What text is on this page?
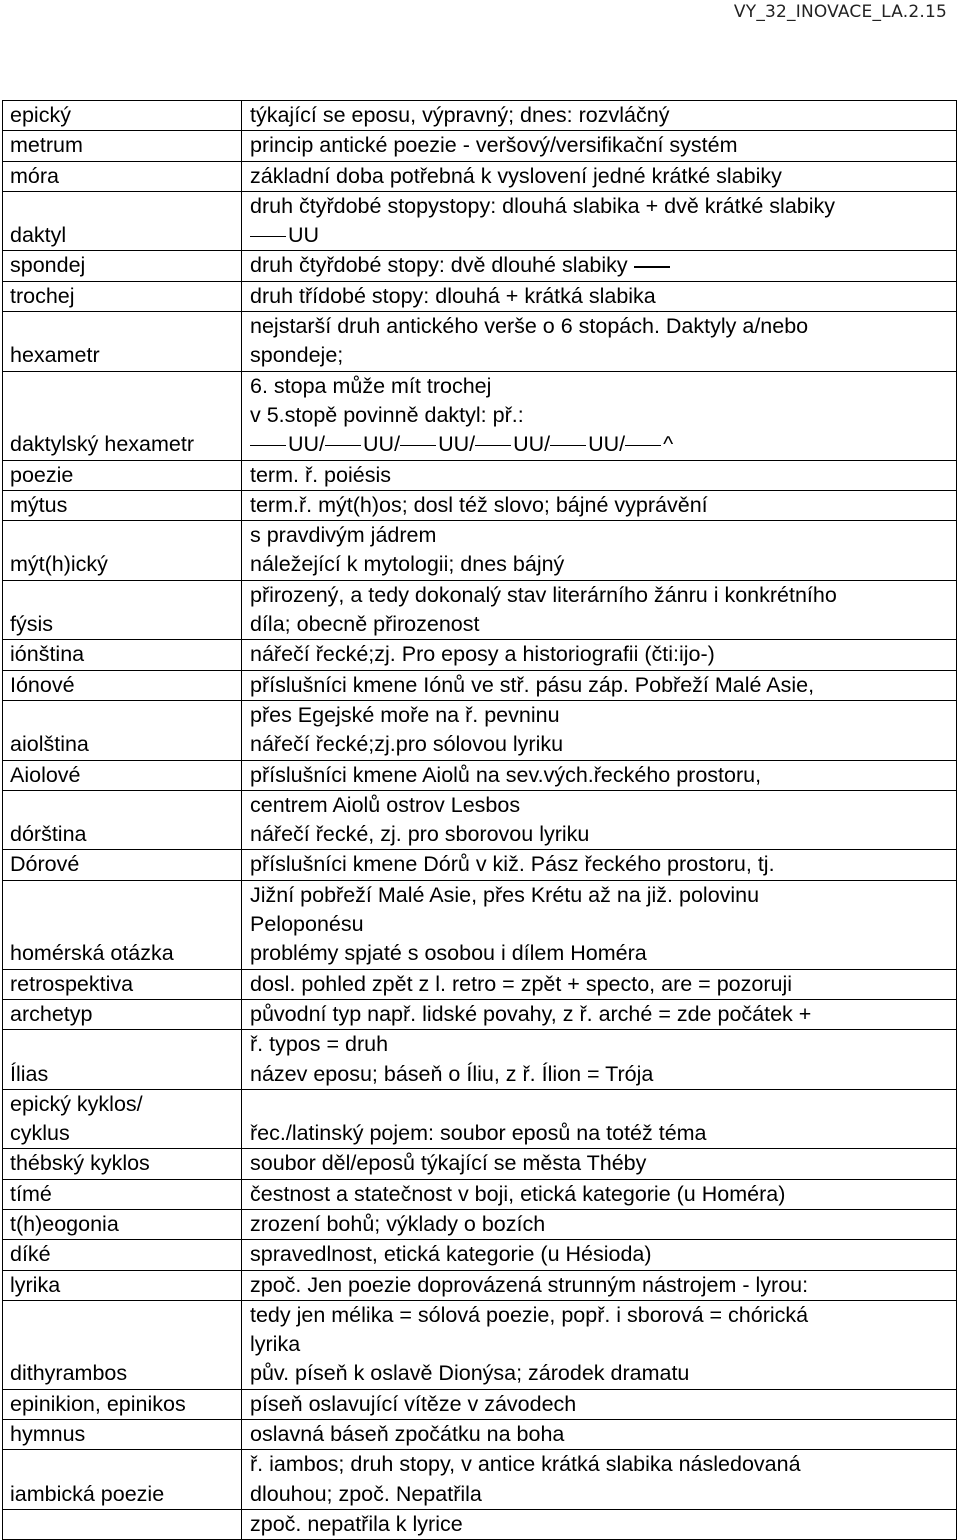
VY_32_INOVACE_LA.2.15
epický	týkající se eposu, výpravný; dnes: rozvláčný

metrum	princip antické poezie - veršový/versifikační systém

móra	základní doba potřebná k vyslovení jedné krátké slabiky

daktyl	druh čtyřdobé stopystopy: dlouhá slabika + dvě krátké slabiky
UU

spondej	druh čtyřdobé stopy: dvě dlouhé slabiky

trochej	druh třídobé stopy: dlouhá + krátká slabika

hexametr	nejstarší druh antického verše o 6 stopách. Daktyly a/nebo
spondeje;

daktylský hexametr	6. stopa může mít trochej
v 5.stopě povinně daktyl: př.:
UU/ UU/ UU/ UU/ UU/ ^

poezie	term. ř. poiésis

mýtus	term.ř. mýt(h)os; dosl též slovo; bájné vyprávění

mýt(h)ický	s pravdivým jádrem
náležející k mytologii; dnes bájný

fýsis	přirozený, a tedy dokonalý stav literárního žánru i konkrétního
díla; obecně přirozenost

iónština	nářečí řecké;zj. Pro eposy a historiografii (čti:ijo-)

Iónové	příslušníci kmene Iónů ve stř. pásu záp. Pobřeží Malé Asie,

aiolština	přes Egejské moře na ř. pevninu
nářečí řecké;zj.pro sólovou lyriku

Aiolové	příslušníci kmene Aiolů na sev.vých.řeckého prostoru,

dórština	centrem Aiolů ostrov Lesbos
nářečí řecké, zj. pro sborovou lyriku

Dórové	příslušníci kmene Dórů v kiž. Pász řeckého prostoru, tj.

homérská otázka	Jižní pobřeží Malé Asie, přes Krétu až na již. polovinu
Peloponésu
problémy spjaté s osobou i dílem Homéra

retrospektiva	dosl. pohled zpět z l. retro = zpět + specto, are = pozoruji

archetyp	původní typ např. lidské povahy, z ř. arché = zde počátek +

Ílias	ř. typos = druh
název eposu; báseň o Íliu, z ř. Ílion = Trója

epický kyklos/
cyklus	řec./latinský pojem: soubor eposů na totéž téma

thébský kyklos	soubor děl/eposů týkající se města Théby

tímé	čestnost a statečnost v boji, etická kategorie (u Homéra)

t(h)eogonia	zrození bohů; výklady o bozích

díké	spravedlnost, etická kategorie (u Hésioda)

lyrika	zpoč. Jen poezie doprovázená strunným nástrojem - lyrou:

dithyrambos	tedy jen mélika = sólová poezie, popř. i sborová = chórická
lyrika
pův. píseň k oslavě Dionýsa; zárodek dramatu

epinikion, epinikos	píseň oslavující vítěze v závodech

hymnus	oslavná báseň zpočátku na boha

iambická poezie	ř. iambos; druh stopy, v antice krátká slabika následovaná
dlouhou; zpoč. Nepatřila

	zpoč. nepatřila k lyrice
